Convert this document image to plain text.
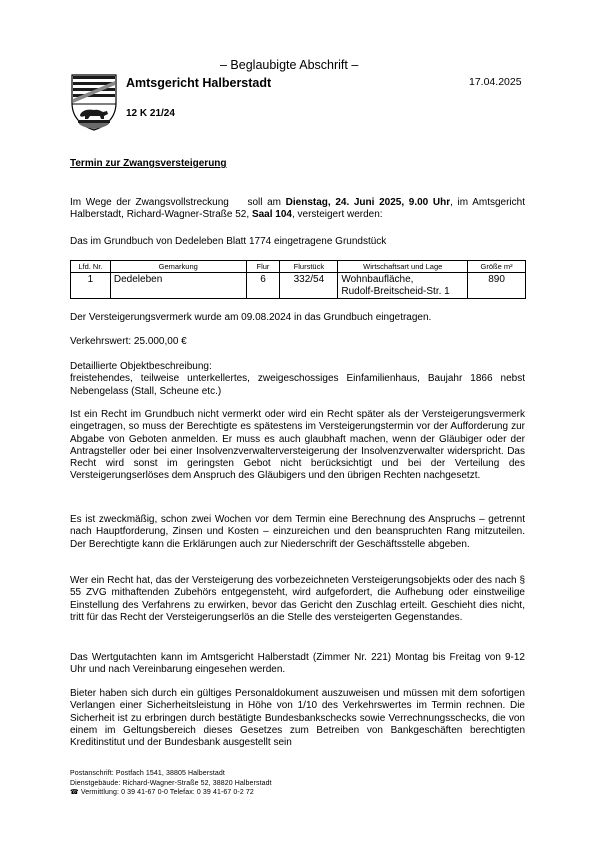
– Beglaubigte Abschrift –
17.04.2025
Amtsgericht Halberstadt
12 K 21/24
Termin zur Zwangsversteigerung
Im Wege der Zwangsvollstreckung    soll am Dienstag, 24. Juni 2025, 9.00 Uhr, im Amtsgericht Halberstadt, Richard-Wagner-Straße 52, Saal 104, versteigert werden:
Das im Grundbuch von Dedeleben Blatt 1774 eingetragene Grundstück
Lfd. Nr.	Gemarkung	Flur	Flurstück	Wirtschaftsart und Lage	Größe m²
1	Dedeleben	6	332/54	Wohnbaufläche,
Rudolf-Breitscheid-Str. 1	890
Der Versteigerungsvermerk wurde am 09.08.2024 in das Grundbuch eingetragen.
Verkehrswert: 25.000,00 €
Detaillierte Objektbeschreibung:
freistehendes, teilweise unterkellertes, zweigeschossiges Einfamilienhaus, Baujahr 1866 nebst Nebengelass (Stall, Scheune etc.)
Ist ein Recht im Grundbuch nicht vermerkt oder wird ein Recht später als der Versteigerungsvermerk eingetragen, so muss der Berechtigte es spätestens im Versteigerungstermin vor der Aufforderung zur Abgabe von Geboten anmelden. Er muss es auch glaubhaft machen, wenn der Gläubiger oder der Antragsteller oder bei einer Insolvenzverwalterversteigerung der Insolvenzverwalter widerspricht. Das Recht wird sonst im geringsten Gebot nicht berücksichtigt und bei der Verteilung des Versteigerungserlöses dem Anspruch des Gläubigers und den übrigen Rechten nachgesetzt.
Es ist zweckmäßig, schon zwei Wochen vor dem Termin eine Berechnung des Anspruchs – getrennt nach Hauptforderung, Zinsen und Kosten – einzureichen und den beanspruchten Rang mitzuteilen. Der Berechtigte kann die Erklärungen auch zur Niederschrift der Geschäftsstelle abgeben.
Wer ein Recht hat, das der Versteigerung des vorbezeichneten Versteigerungsobjekts oder des nach § 55 ZVG mithaftenden Zubehörs entgegensteht, wird aufgefordert, die Aufhebung oder einstweilige Einstellung des Verfahrens zu erwirken, bevor das Gericht den Zuschlag erteilt. Geschieht dies nicht, tritt für das Recht der Versteigerungserlös an die Stelle des versteigerten Gegenstandes.
Das Wertgutachten kann im Amtsgericht Halberstadt (Zimmer Nr. 221) Montag bis Freitag von 9-12 Uhr und nach Vereinbarung eingesehen werden.
Bieter haben sich durch ein gültiges Personaldokument auszuweisen und müssen mit dem sofortigen Verlangen einer Sicherheitsleistung in Höhe von 1/10 des Verkehrswertes im Termin rechnen. Die Sicherheit ist zu erbringen durch bestätigte Bundesbankschecks sowie Verrechnungsschecks, die von einem im Geltungsbereich dieses Gesetzes zum Betreiben von Bankgeschäften berechtigten Kreditinstitut und der Bundesbank ausgestellt sein
Postanschrift: Postfach 1541, 38805 Halberstadt
Dienstgebäude: Richard-Wagner-Straße 52, 38820 Halberstadt
☎ Vermittlung: 0 39 41-67 0-0 Telefax: 0 39 41-67 0-2 72
